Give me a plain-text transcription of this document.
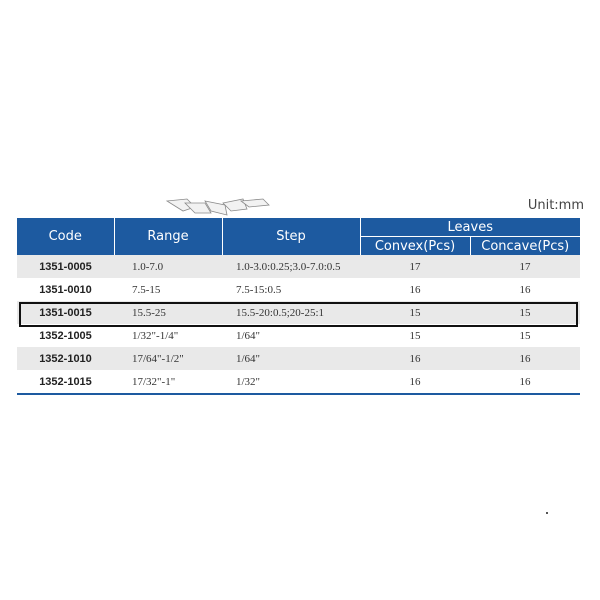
Unit:mm
Code	Range	Step	Leaves	
			Convex(Pcs)	Concave(Pcs)
1351-0005	1.0-7.0	1.0-3.0:0.25;3.0-7.0:0.5	17	17
1351-0010	7.5-15	7.5-15:0.5	16	16
1351-0015	15.5-25	15.5-20:0.5;20-25:1	15	15
1352-1005	1/32"-1/4"	1/64"	15	15
1352-1010	17/64"-1/2"	1/64"	16	16
1352-1015	17/32"-1"	1/32"	16	16
